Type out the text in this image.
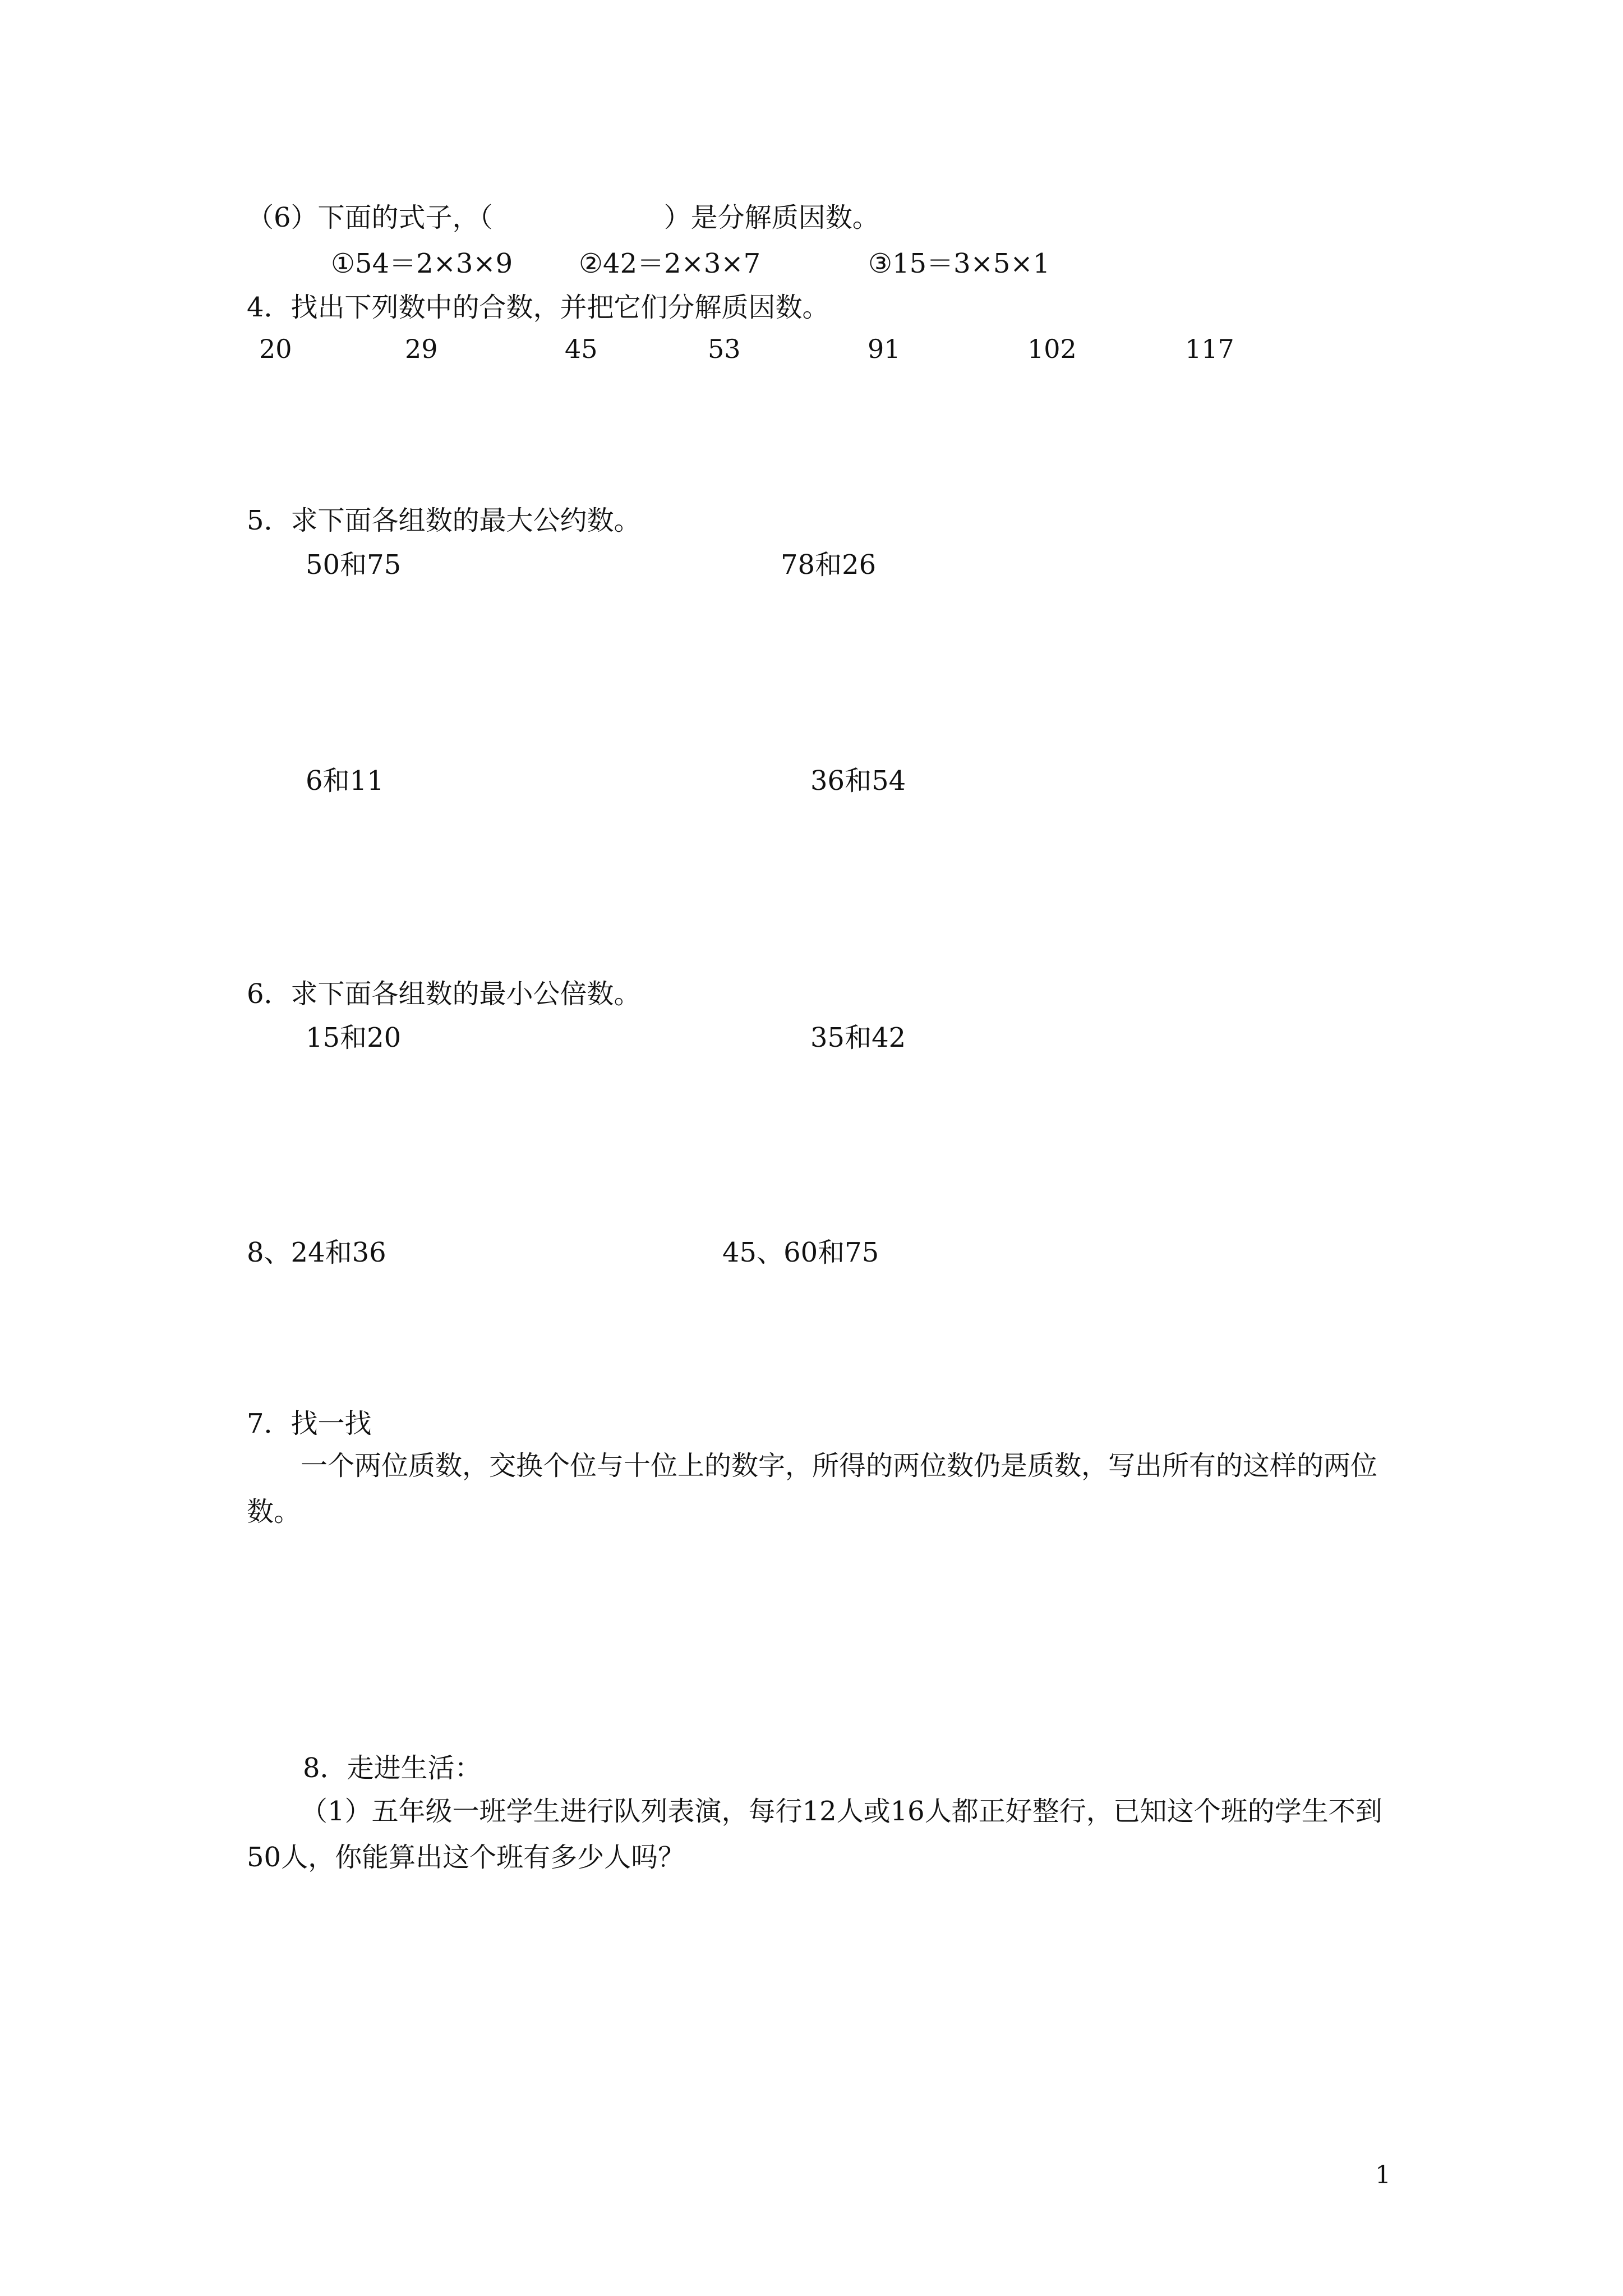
（6）下面的式子，（                    ）是分解质因数。
①54＝2×3×9 ②42＝2×3×7	③15＝3×5×1
4．找出下列数中的合数，并把它们分解质因数。
20	29	45	53	91	102	117
5．求下面各组数的最大公约数。
50和75	78和26
6和11	36和54
6．求下面各组数的最小公倍数。
15和20	35和42
8、24和36	45、60和75
7．找一找
一个两位质数，交换个位与十位上的数字，所得的两位数仍是质数，写出所有的这样的两位数。
8．走进生活：
（1）五年级一班学生进行队列表演，每行12人或16人都正好整行，已知这个班的学生不到50人，你能算出这个班有多少人吗？
1
